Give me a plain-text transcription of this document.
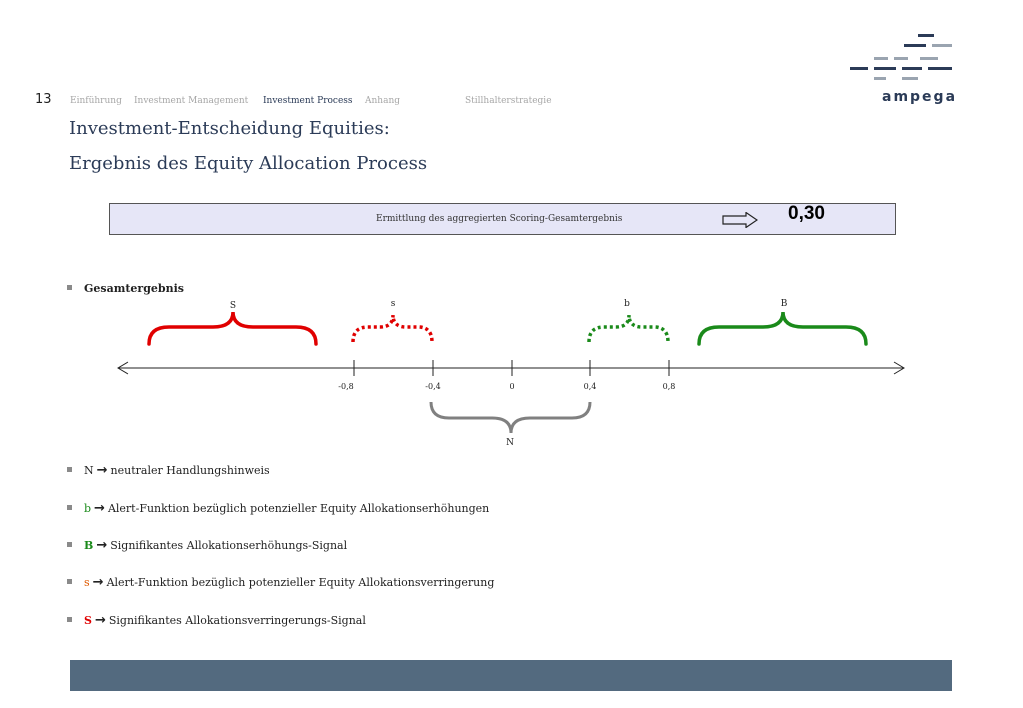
13 Einführung Investment Management Investment Process Anhang	Stillhalterstrategie	ampega
Investment-Entscheidung Equities:
Ergebnis des Equity Allocation Process
Ermittlung des aggregierten Scoring-Gesamtergebnis	0,30
Gesamtergebnis
S	s	b	B
-0,8	-0,4	0	0,4	0,8
N
N → neutraler Handlungshinweis
b → Alert-Funktion bezüglich potenzieller Equity Allokationserhöhungen
B → Signifikantes Allokationserhöhungs-Signal
s → Alert-Funktion bezüglich potenzieller Equity Allokationsverringerung
S → Signifikantes Allokationsverringerungs-Signal
